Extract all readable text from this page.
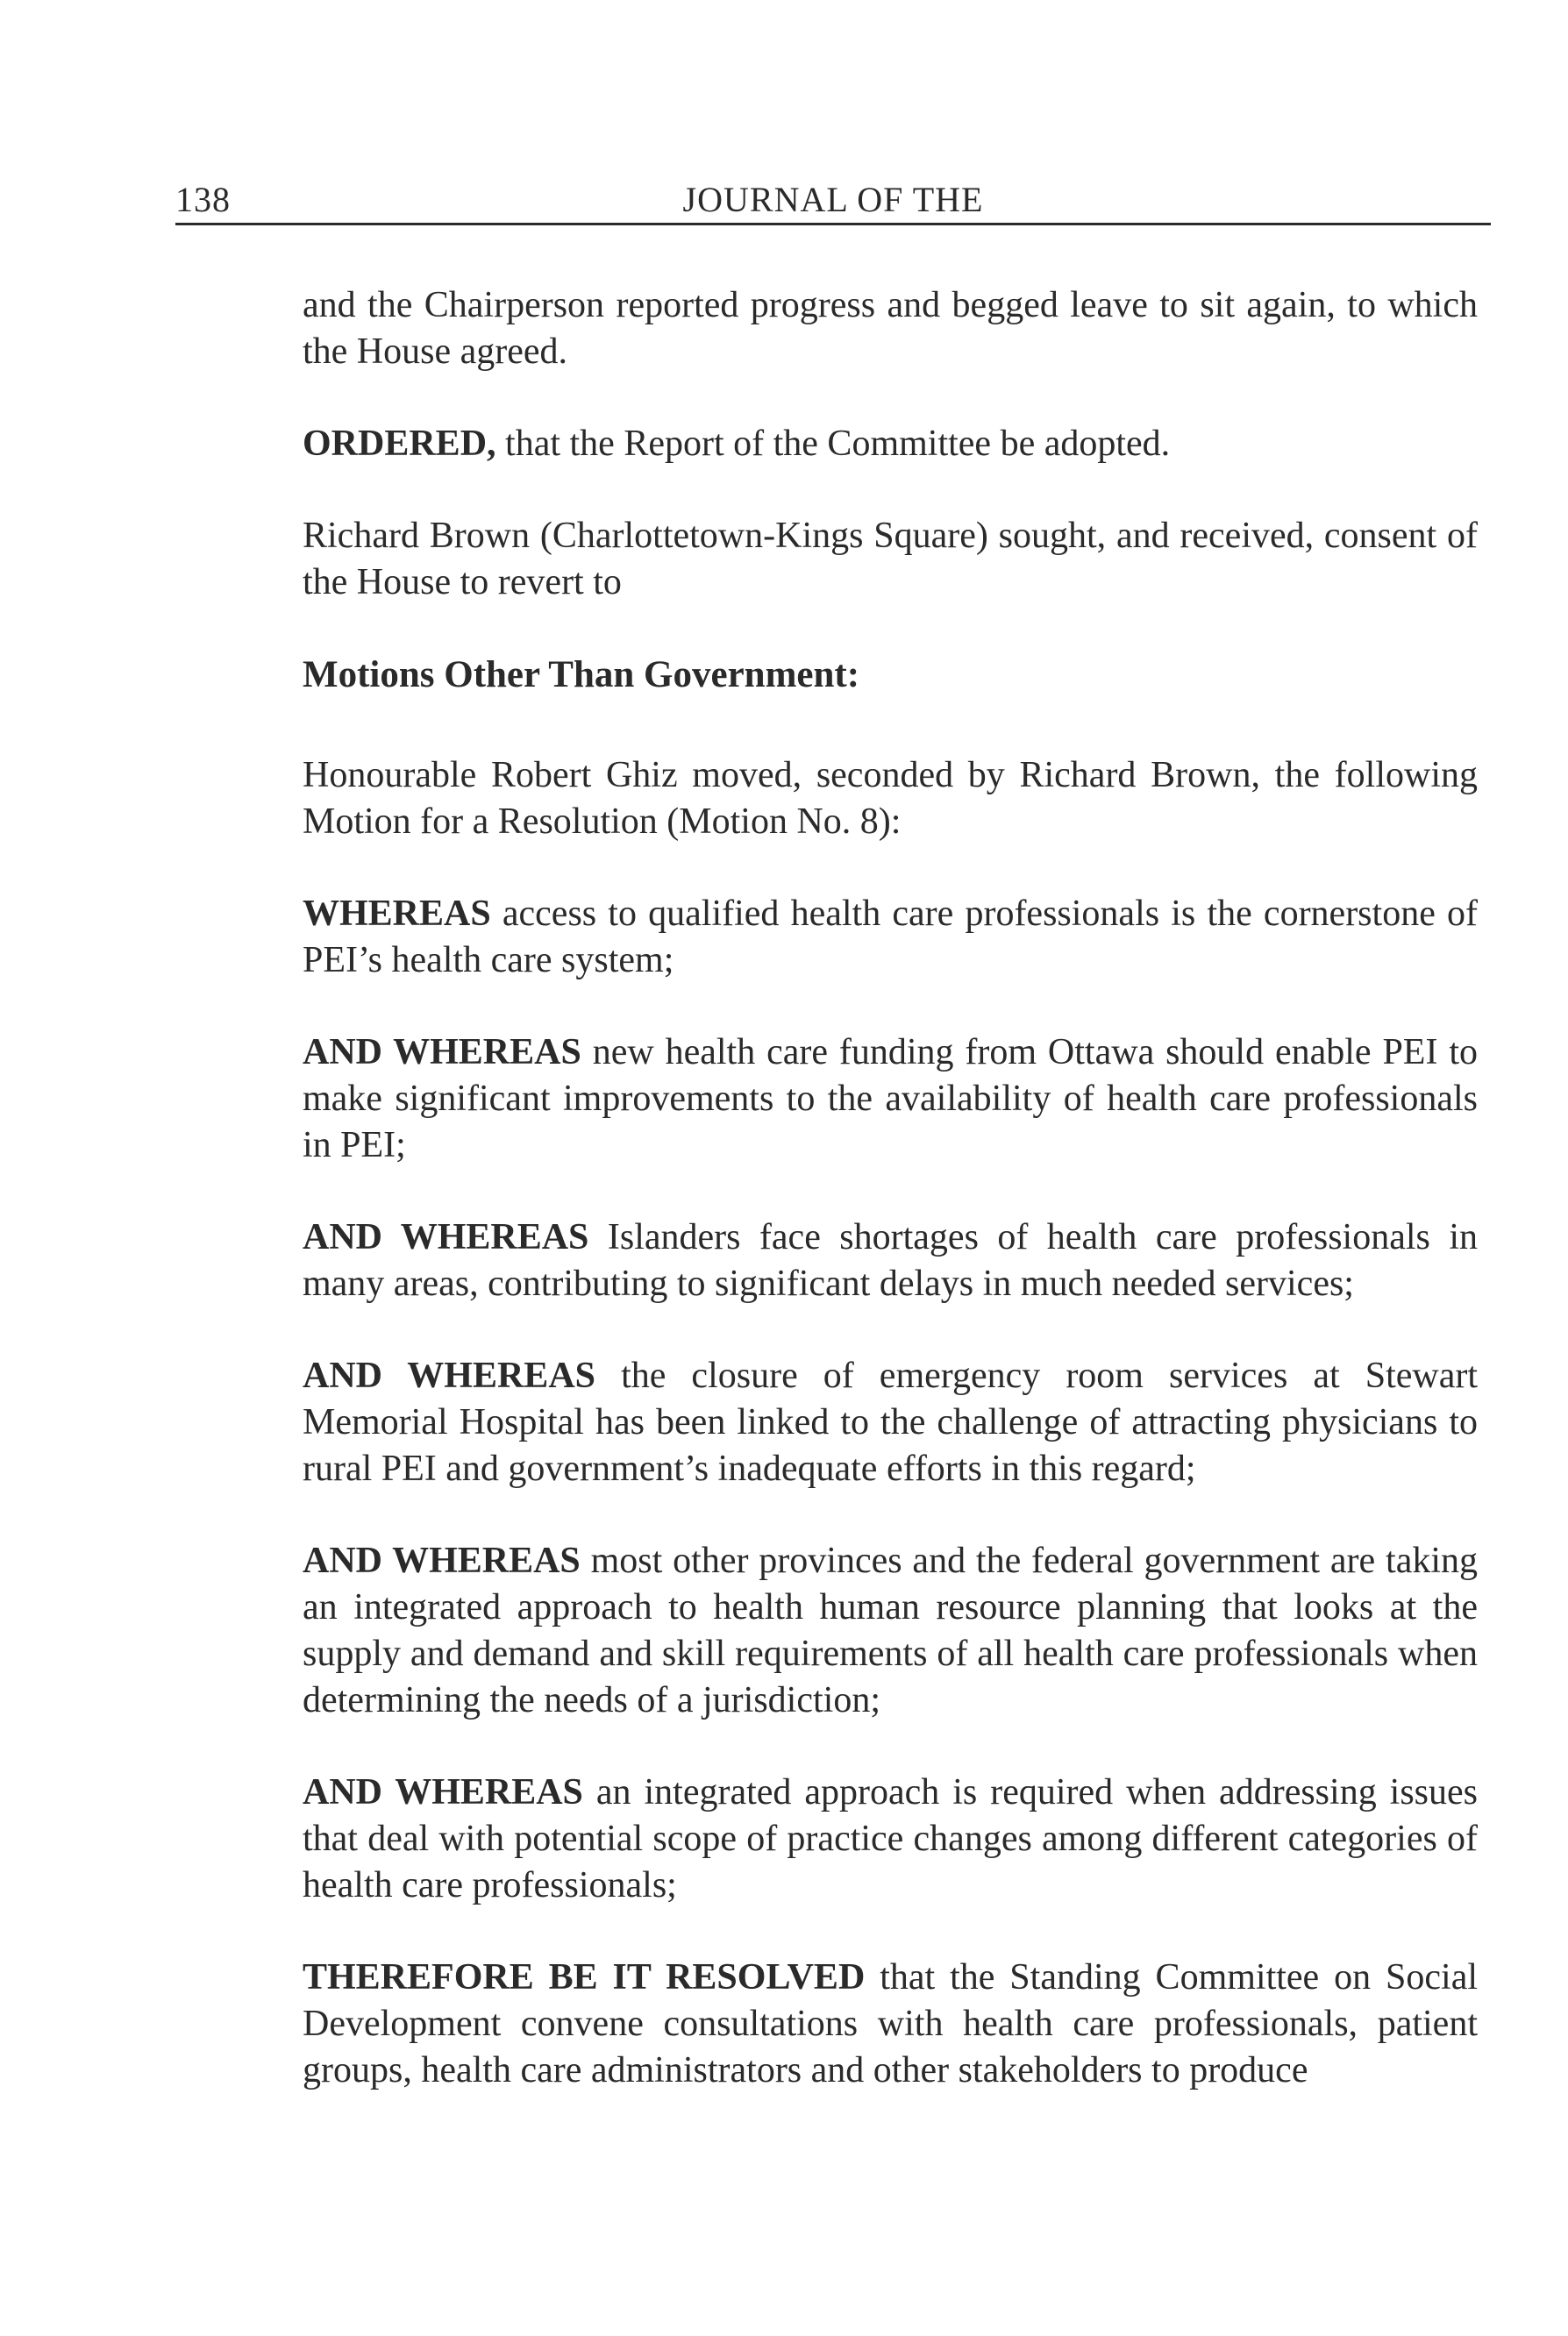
138	JOURNAL OF THE

and the Chairperson reported progress and begged leave to sit again, to which the House agreed.

ORDERED, that the Report of the Committee be adopted.

Richard Brown (Charlottetown-Kings Square) sought, and received, consent of the House to revert to

Motions Other Than Government:

Honourable Robert Ghiz moved, seconded by Richard Brown, the following Motion for a Resolution (Motion No. 8):

WHEREAS access to qualified health care professionals is the cornerstone of PEI’s health care system;

AND WHEREAS new health care funding from Ottawa should enable PEI to make significant improvements to the availability of health care professionals in PEI;

AND WHEREAS Islanders face shortages of health care professionals in many areas, contributing to significant delays in much needed services;

AND WHEREAS the closure of emergency room services at Stewart Memorial Hospital has been linked to the challenge of attracting physicians to rural PEI and government’s inadequate efforts in this regard;

AND WHEREAS most other provinces and the federal government are taking an integrated approach to health human resource planning that looks at the supply and demand and skill requirements of all health care professionals when determining the needs of a jurisdiction;

AND WHEREAS an integrated approach is required when addressing issues that deal with potential scope of practice changes among different categories of health care professionals;

THEREFORE BE IT RESOLVED that the Standing Committee on Social Development convene consultations with health care professionals, patient groups, health care administrators and other stakeholders to produce
